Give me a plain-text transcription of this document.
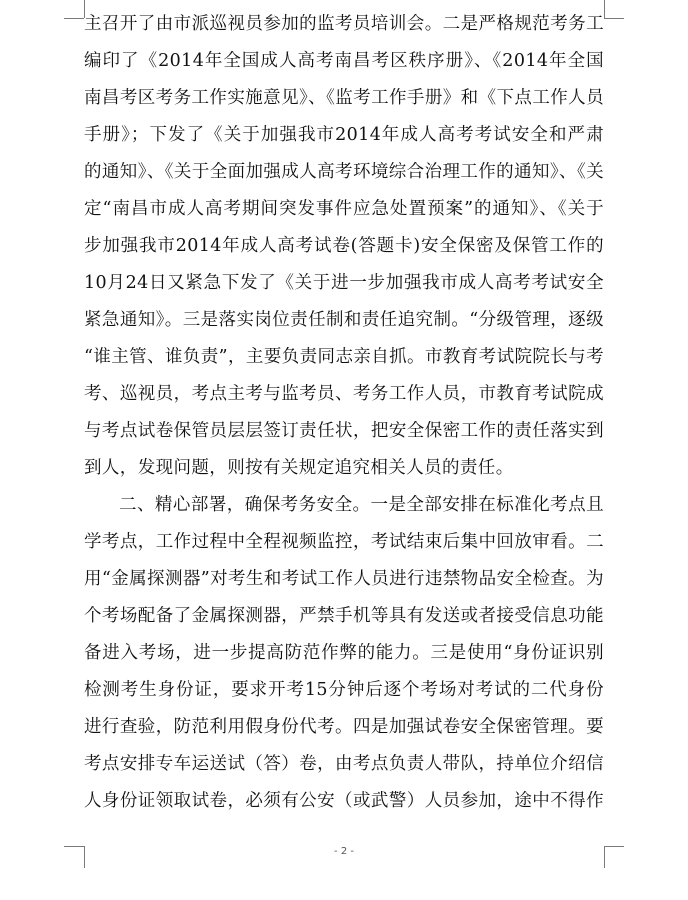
主召开了由市派巡视员参加的监考员培训会。二是严格规范考务工
编印了《2014年全国成人高考南昌考区秩序册》、《2014年全国
南昌考区考务工作实施意见》、《监考工作手册》和《下点工作人员
手册》；下发了《关于加强我市2014年成人高考考试安全和严肃
的通知》、《关于全面加强成人高考环境综合治理工作的通知》、《关
定“南昌市成人高考期间突发事件应急处置预案”的通知》、《关于
步加强我市2014年成人高考试卷(答题卡)安全保密及保管工作的
10月24日又紧急下发了《关于进一步加强我市成人高考考试安全
紧急通知》。三是落实岗位责任制和责任追究制。“分级管理，逐级
“谁主管、谁负责”，主要负责同志亲自抓。市教育考试院院长与考
考、巡视员，考点主考与监考员、考务工作人员，市教育考试院成
与考点试卷保管员层层签订责任状，把安全保密工作的责任落实到
到人，发现问题，则按有关规定追究相关人员的责任。
二、精心部署，确保考务安全。一是全部安排在标准化考点且
学考点，工作过程中全程视频监控，考试结束后集中回放审看。二
用“金属探测器”对考生和考试工作人员进行违禁物品安全检查。为
个考场配备了金属探测器，严禁手机等具有发送或者接受信息功能
备进入考场，进一步提高防范作弊的能力。三是使用“身份证识别
检测考生身份证，要求开考15分钟后逐个考场对考试的二代身份
进行查验，防范利用假身份代考。四是加强试卷安全保密管理。要
考点安排专车运送试（答）卷，由考点负责人带队，持单位介绍信
人身份证领取试卷，必须有公安（或武警）人员参加，途中不得作
- 2 -
